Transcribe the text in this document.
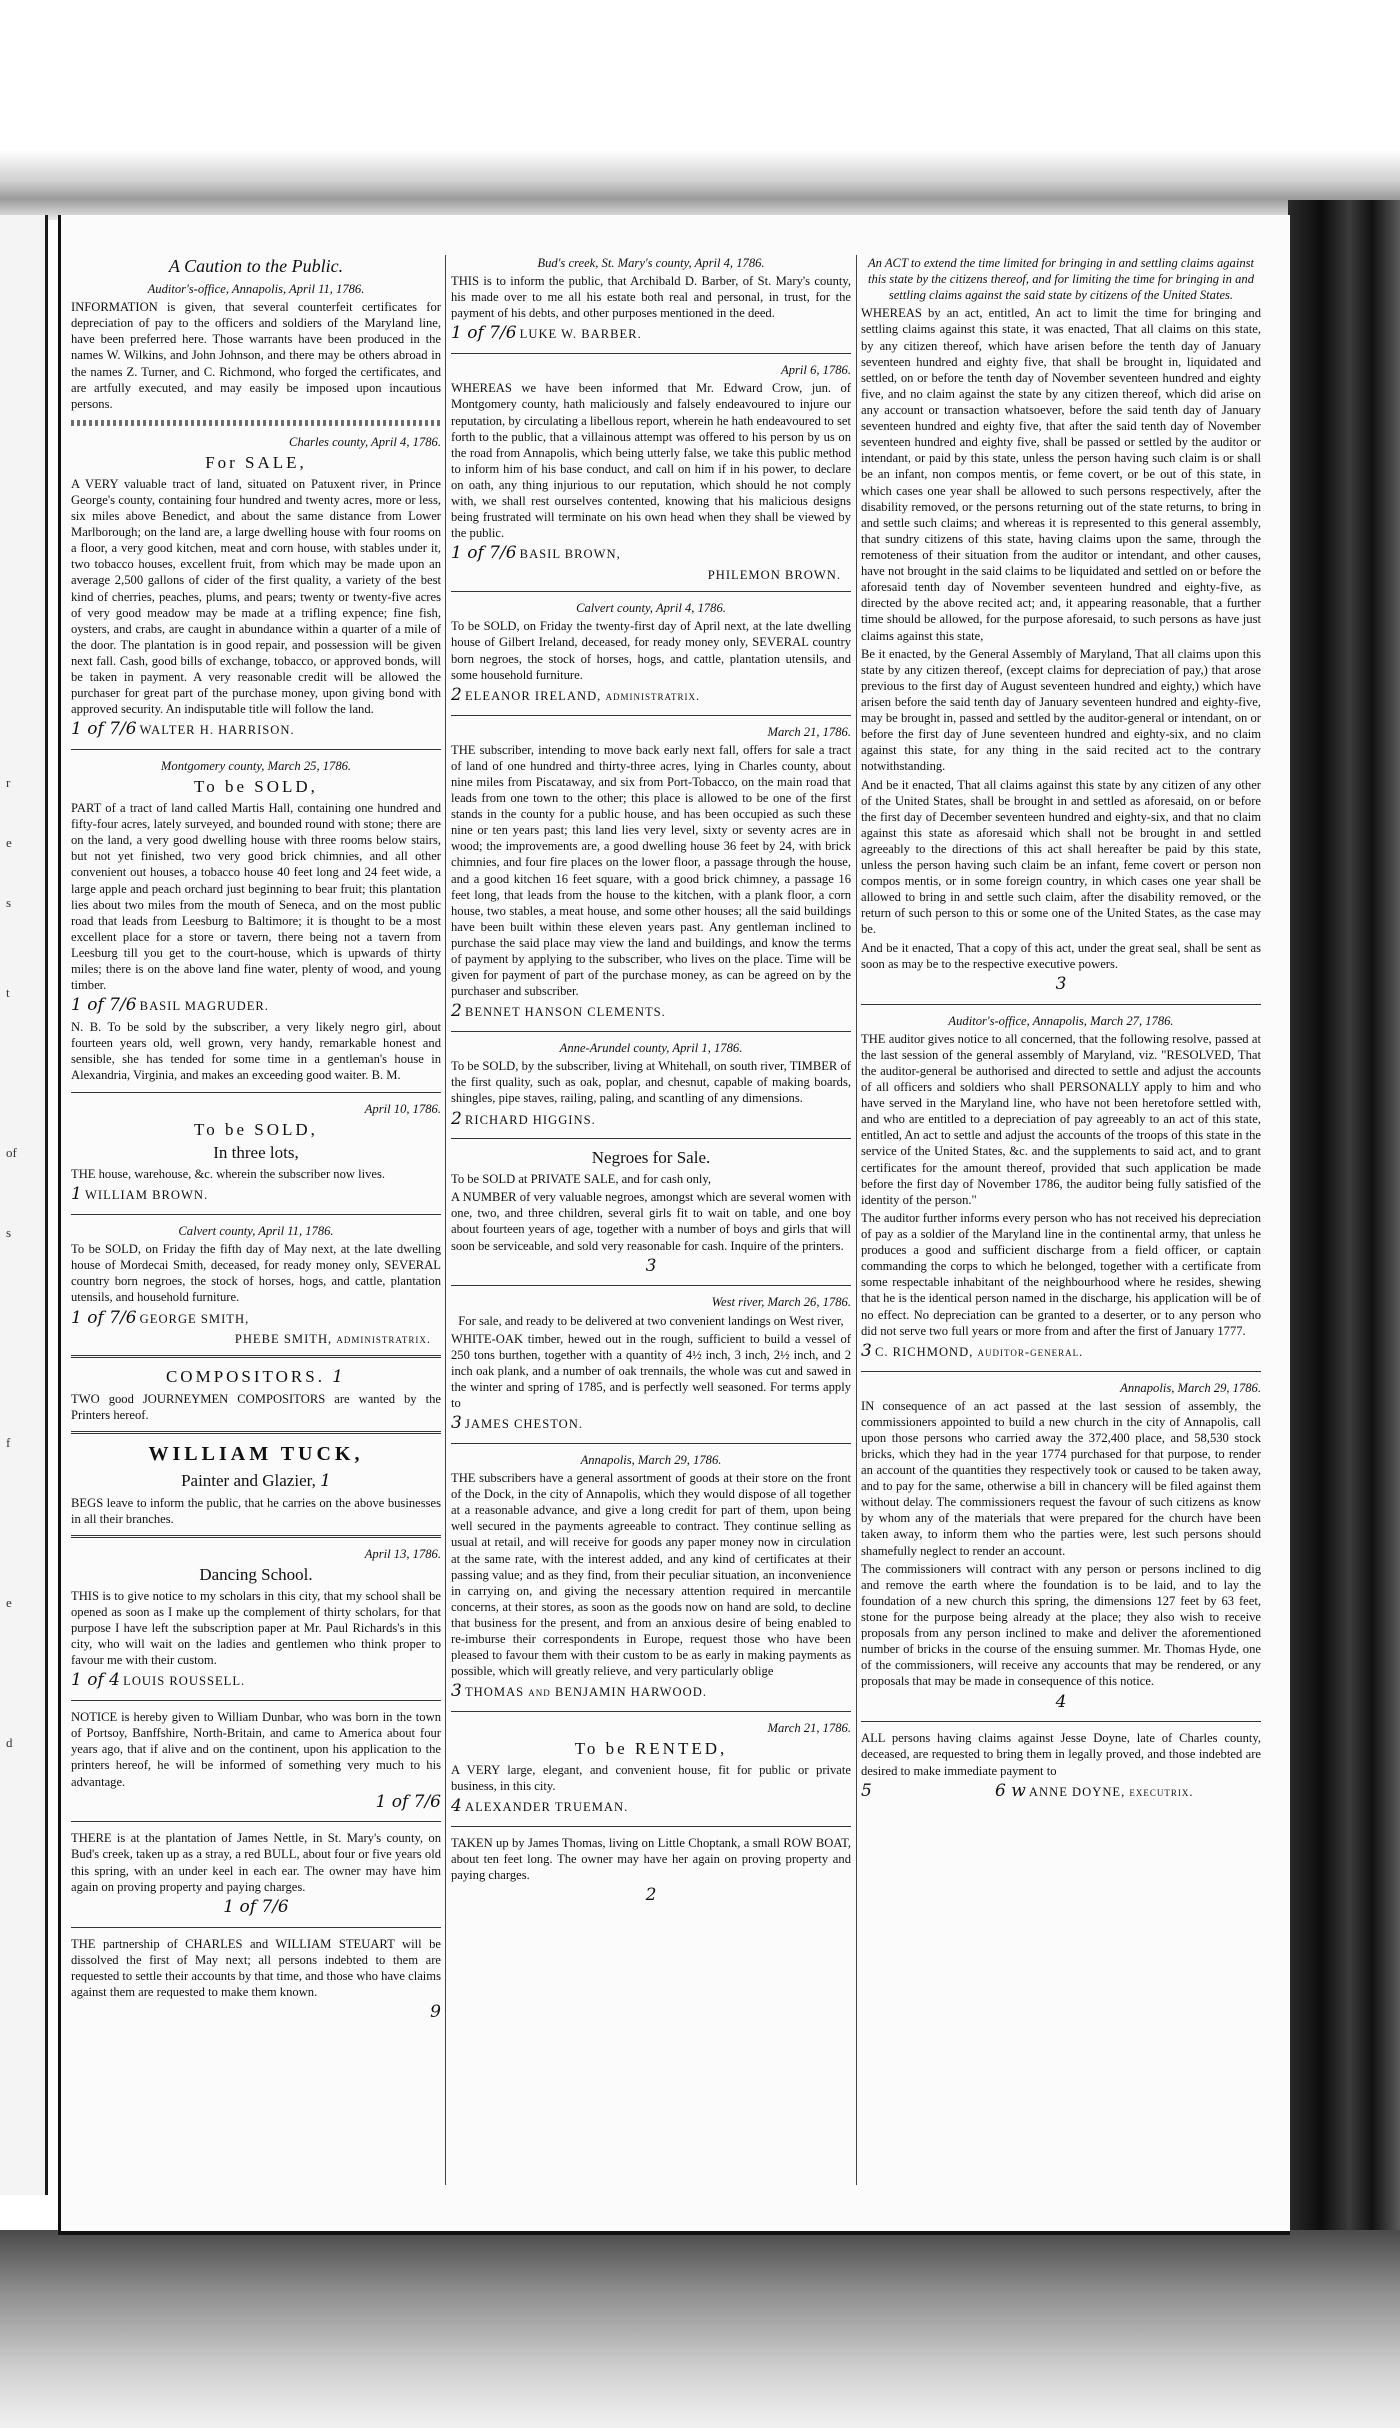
r
e
s
t
of
s
f
e
d

A Caution to the Public.

Auditor's-office, Annapolis, April 11, 1786.

INFORMATION is given, that several counterfeit certificates for depreciation of pay to the officers and soldiers of the Maryland line, have been preferred here. Those warrants have been produced in the names W. Wilkins, and John Johnson, and there may be others abroad in the names Z. Turner, and C. Richmond, who forged the certificates, and are artfully executed, and may easily be imposed upon incautious persons.

Charles county, April 4, 1786.

For SALE,

A VERY valuable tract of land, situated on Patuxent river, in Prince George's county, containing four hundred and twenty acres, more or less, six miles above Benedict, and about the same distance from Lower Marlborough; on the land are, a large dwelling house with four rooms on a floor, a very good kitchen, meat and corn house, with stables under it, two tobacco houses, excellent fruit, from which may be made upon an average 2,500 gallons of cider of the first quality, a variety of the best kind of cherries, peaches, plums, and pears; twenty or twenty-five acres of very good meadow may be made at a trifling expence; fine fish, oysters, and crabs, are caught in abundance within a quarter of a mile of the door. The plantation is in good repair, and possession will be given next fall. Cash, good bills of exchange, tobacco, or approved bonds, will be taken in payment. A very reasonable credit will be allowed the purchaser for great part of the purchase money, upon giving bond with approved security. An indisputable title will follow the land.

1 of 7/6 WALTER H. HARRISON.

Montgomery county, March 25, 1786.

To be SOLD,

PART of a tract of land called Martis Hall, containing one hundred and fifty-four acres, lately surveyed, and bounded round with stone; there are on the land, a very good dwelling house with three rooms below stairs, but not yet finished, two very good brick chimnies, and all other convenient out houses, a tobacco house 40 feet long and 24 feet wide, a large apple and peach orchard just beginning to bear fruit; this plantation lies about two miles from the mouth of Seneca, and on the most public road that leads from Leesburg to Baltimore; it is thought to be a most excellent place for a store or tavern, there being not a tavern from Leesburg till you get to the court-house, which is upwards of thirty miles; there is on the above land fine water, plenty of wood, and young timber.

1 of 7/6 BASIL MAGRUDER.

N. B. To be sold by the subscriber, a very likely negro girl, about fourteen years old, well grown, very handy, remarkable honest and sensible, she has tended for some time in a gentleman's house in Alexandria, Virginia, and makes an exceeding good waiter. B. M.

April 10, 1786.

To be SOLD,

In three lots,

THE house, warehouse, &c. wherein the subscriber now lives.

1 WILLIAM BROWN.

Calvert county, April 11, 1786.

To be SOLD, on Friday the fifth day of May next, at the late dwelling house of Mordecai Smith, deceased, for ready money only, SEVERAL country born negroes, the stock of horses, hogs, and cattle, plantation utensils, and household furniture.

1 of 7/6 GEORGE SMITH,

PHEBE SMITH, administratrix.

COMPOSITORS. 1

TWO good JOURNEYMEN COMPOSITORS are wanted by the Printers hereof.

WILLIAM TUCK,

Painter and Glazier, 1

BEGS leave to inform the public, that he carries on the above businesses in all their branches.

April 13, 1786.

Dancing School.

THIS is to give notice to my scholars in this city, that my school shall be opened as soon as I make up the complement of thirty scholars, for that purpose I have left the subscription paper at Mr. Paul Richards's in this city, who will wait on the ladies and gentlemen who think proper to favour me with their custom.

1 of 4 LOUIS ROUSSELL.

NOTICE is hereby given to William Dunbar, who was born in the town of Portsoy, Banffshire, North-Britain, and came to America about four years ago, that if alive and on the continent, upon his application to the printers hereof, he will be informed of something very much to his advantage.

1 of 7/6

THERE is at the plantation of James Nettle, in St. Mary's county, on Bud's creek, taken up as a stray, a red BULL, about four or five years old this spring, with an under keel in each ear. The owner may have him again on proving property and paying charges.

1 of 7/6

THE partnership of CHARLES and WILLIAM STEUART will be dissolved the first of May next; all persons indebted to them are requested to settle their accounts by that time, and those who have claims against them are requested to make them known.

9

Bud's creek, St. Mary's county, April 4, 1786.

THIS is to inform the public, that Archibald D. Barber, of St. Mary's county, his made over to me all his estate both real and personal, in trust, for the payment of his debts, and other purposes mentioned in the deed.

1 of 7/6 LUKE W. BARBER.

April 6, 1786.

WHEREAS we have been informed that Mr. Edward Crow, jun. of Montgomery county, hath maliciously and falsely endeavoured to injure our reputation, by circulating a libellous report, wherein he hath endeavoured to set forth to the public, that a villainous attempt was offered to his person by us on the road from Annapolis, which being utterly false, we take this public method to inform him of his base conduct, and call on him if in his power, to declare on oath, any thing injurious to our reputation, which should he not comply with, we shall rest ourselves contented, knowing that his malicious designs being frustrated will terminate on his own head when they shall be viewed by the public.

1 of 7/6 BASIL BROWN,

PHILEMON BROWN.

Calvert county, April 4, 1786.

To be SOLD, on Friday the twenty-first day of April next, at the late dwelling house of Gilbert Ireland, deceased, for ready money only, SEVERAL country born negroes, the stock of horses, hogs, and cattle, plantation utensils, and some household furniture.

2 ELEANOR IRELAND, administratrix.

March 21, 1786.

THE subscriber, intending to move back early next fall, offers for sale a tract of land of one hundred and thirty-three acres, lying in Charles county, about nine miles from Piscataway, and six from Port-Tobacco, on the main road that leads from one town to the other; this place is allowed to be one of the first stands in the county for a public house, and has been occupied as such these nine or ten years past; this land lies very level, sixty or seventy acres are in wood; the improvements are, a good dwelling house 36 feet by 24, with brick chimnies, and four fire places on the lower floor, a passage through the house, and a good kitchen 16 feet square, with a good brick chimney, a passage 16 feet long, that leads from the house to the kitchen, with a plank floor, a corn house, two stables, a meat house, and some other houses; all the said buildings have been built within these eleven years past. Any gentleman inclined to purchase the said place may view the land and buildings, and know the terms of payment by applying to the subscriber, who lives on the place. Time will be given for payment of part of the purchase money, as can be agreed on by the purchaser and subscriber.

2 BENNET HANSON CLEMENTS.

Anne-Arundel county, April 1, 1786.

To be SOLD, by the subscriber, living at Whitehall, on south river, TIMBER of the first quality, such as oak, poplar, and chesnut, capable of making boards, shingles, pipe staves, railing, paling, and scantling of any dimensions.

2 RICHARD HIGGINS.

Negroes for Sale.

To be SOLD at PRIVATE SALE, and for cash only,

A NUMBER of very valuable negroes, amongst which are several women with one, two, and three children, several girls fit to wait on table, and one boy about fourteen years of age, together with a number of boys and girls that will soon be serviceable, and sold very reasonable for cash. Inquire of the printers.

3

West river, March 26, 1786.

For sale, and ready to be delivered at two convenient landings on West river,

WHITE-OAK timber, hewed out in the rough, sufficient to build a vessel of 250 tons burthen, together with a quantity of 4½ inch, 3 inch, 2½ inch, and 2 inch oak plank, and a number of oak trennails, the whole was cut and sawed in the winter and spring of 1785, and is perfectly well seasoned. For terms apply to

3 JAMES CHESTON.

Annapolis, March 29, 1786.

THE subscribers have a general assortment of goods at their store on the front of the Dock, in the city of Annapolis, which they would dispose of all together at a reasonable advance, and give a long credit for part of them, upon being well secured in the payments agreeable to contract. They continue selling as usual at retail, and will receive for goods any paper money now in circulation at the same rate, with the interest added, and any kind of certificates at their passing value; and as they find, from their peculiar situation, an inconvenience in carrying on, and giving the necessary attention required in mercantile concerns, at their stores, as soon as the goods now on hand are sold, to decline that business for the present, and from an anxious desire of being enabled to re-imburse their correspondents in Europe, request those who have been pleased to favour them with their custom to be as early in making payments as possible, which will greatly relieve, and very particularly oblige

3 THOMAS and BENJAMIN HARWOOD.

March 21, 1786.

To be RENTED,

A VERY large, elegant, and convenient house, fit for public or private business, in this city.

4 ALEXANDER TRUEMAN.

TAKEN up by James Thomas, living on Little Choptank, a small ROW BOAT, about ten feet long. The owner may have her again on proving property and paying charges.

2

An ACT to extend the time limited for bringing in and settling claims against this state by the citizens thereof, and for limiting the time for bringing in and settling claims against the said state by citizens of the United States.

WHEREAS by an act, entitled, An act to limit the time for bringing and settling claims against this state, it was enacted, That all claims on this state, by any citizen thereof, which have arisen before the tenth day of January seventeen hundred and eighty five, that shall be brought in, liquidated and settled, on or before the tenth day of November seventeen hundred and eighty five, and no claim against the state by any citizen thereof, which did arise on any account or transaction whatsoever, before the said tenth day of January seventeen hundred and eighty five, that after the said tenth day of November seventeen hundred and eighty five, shall be passed or settled by the auditor or intendant, or paid by this state, unless the person having such claim is or shall be an infant, non compos mentis, or feme covert, or be out of this state, in which cases one year shall be allowed to such persons respectively, after the disability removed, or the persons returning out of the state returns, to bring in and settle such claims; and whereas it is represented to this general assembly, that sundry citizens of this state, having claims upon the same, through the remoteness of their situation from the auditor or intendant, and other causes, have not brought in the said claims to be liquidated and settled on or before the aforesaid tenth day of November seventeen hundred and eighty-five, as directed by the above recited act; and, it appearing reasonable, that a further time should be allowed, for the purpose aforesaid, to such persons as have just claims against this state,

Be it enacted, by the General Assembly of Maryland, That all claims upon this state by any citizen thereof, (except claims for depreciation of pay,) that arose previous to the first day of August seventeen hundred and eighty,) which have arisen before the said tenth day of January seventeen hundred and eighty-five, may be brought in, passed and settled by the auditor-general or intendant, on or before the first day of June seventeen hundred and eighty-six, and no claim against this state, for any thing in the said recited act to the contrary notwithstanding.

And be it enacted, That all claims against this state by any citizen of any other of the United States, shall be brought in and settled as aforesaid, on or before the first day of December seventeen hundred and eighty-six, and that no claim against this state as aforesaid which shall not be brought in and settled agreeably to the directions of this act shall hereafter be paid by this state, unless the person having such claim be an infant, feme covert or person non compos mentis, or in some foreign country, in which cases one year shall be allowed to bring in and settle such claim, after the disability removed, or the return of such person to this or some one of the United States, as the case may be.

And be it enacted, That a copy of this act, under the great seal, shall be sent as soon as may be to the respective executive powers.

3

Auditor's-office, Annapolis, March 27, 1786.

THE auditor gives notice to all concerned, that the following resolve, passed at the last session of the general assembly of Maryland, viz. "RESOLVED, That the auditor-general be authorised and directed to settle and adjust the accounts of all officers and soldiers who shall PERSONALLY apply to him and who have served in the Maryland line, who have not been heretofore settled with, and who are entitled to a depreciation of pay agreeably to an act of this state, entitled, An act to settle and adjust the accounts of the troops of this state in the service of the United States, &c. and the supplements to said act, and to grant certificates for the amount thereof, provided that such application be made before the first day of November 1786, the auditor being fully satisfied of the identity of the person."

The auditor further informs every person who has not received his depreciation of pay as a soldier of the Maryland line in the continental army, that unless he produces a good and sufficient discharge from a field officer, or captain commanding the corps to which he belonged, together with a certificate from some respectable inhabitant of the neighbourhood where he resides, shewing that he is the identical person named in the discharge, his application will be of no effect. No depreciation can be granted to a deserter, or to any person who did not serve two full years or more from and after the first of January 1777.

3 C. RICHMOND, auditor-general.

Annapolis, March 29, 1786.

IN consequence of an act passed at the last session of assembly, the commissioners appointed to build a new church in the city of Annapolis, call upon those persons who carried away the 372,400 place, and 58,530 stock bricks, which they had in the year 1774 purchased for that purpose, to render an account of the quantities they respectively took or caused to be taken away, and to pay for the same, otherwise a bill in chancery will be filed against them without delay. The commissioners request the favour of such citizens as know by whom any of the materials that were prepared for the church have been taken away, to inform them who the parties were, lest such persons should shamefully neglect to render an account.

The commissioners will contract with any person or persons inclined to dig and remove the earth where the foundation is to be laid, and to lay the foundation of a new church this spring, the dimensions 127 feet by 63 feet, stone for the purpose being already at the place; they also wish to receive proposals from any person inclined to make and deliver the aforementioned number of bricks in the course of the ensuing summer. Mr. Thomas Hyde, one of the commissioners, will receive any accounts that may be rendered, or any proposals that may be made in consequence of this notice.

4

ALL persons having claims against Jesse Doyne, late of Charles county, deceased, are requested to bring them in legally proved, and those indebted are desired to make immediate payment to

5	6 w ANNE DOYNE, executrix.
